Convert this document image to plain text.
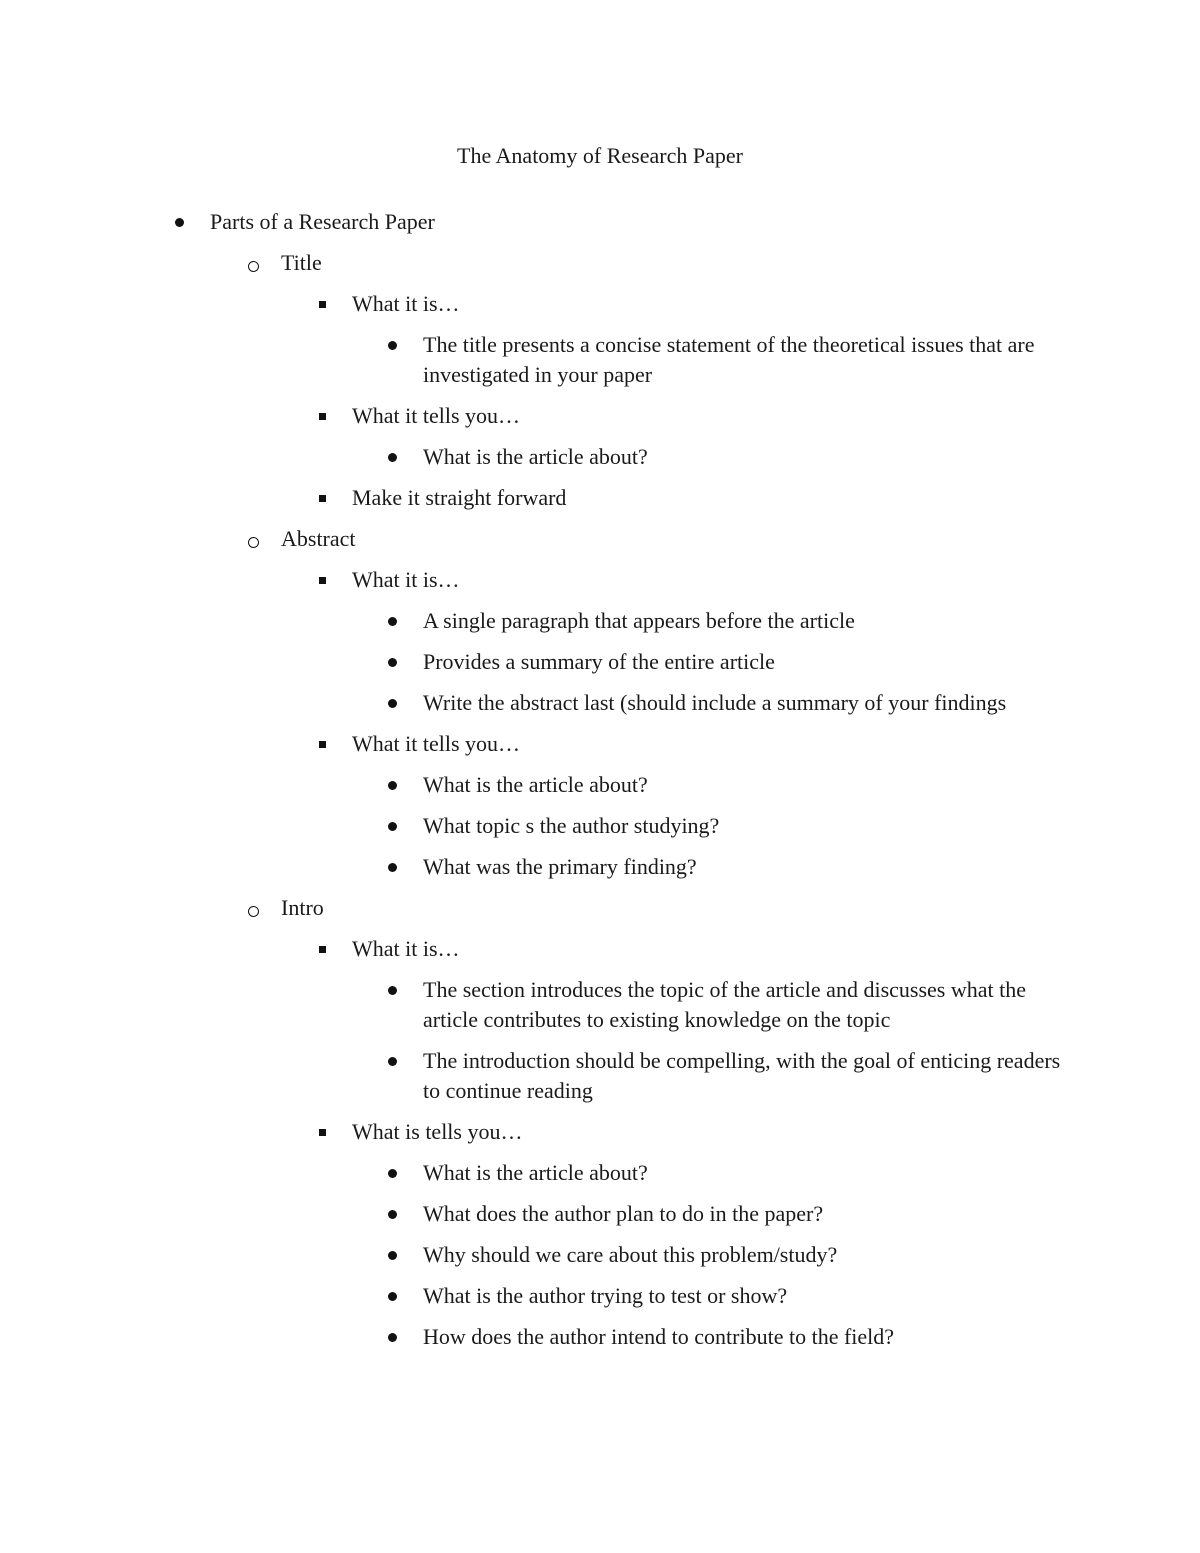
The Anatomy of Research Paper
Parts of a Research Paper
Title
What it is…
The title presents a concise statement of the theoretical issues that are investigated in your paper
What it tells you…
What is the article about?
Make it straight forward
Abstract
What it is…
A single paragraph that appears before the article
Provides a summary of the entire article
Write the abstract last (should include a summary of your findings
What it tells you…
What is the article about?
What topic s the author studying?
What was the primary finding?
Intro
What it is…
The section introduces the topic of the article and discusses what the article contributes to existing knowledge on the topic
The introduction should be compelling, with the goal of enticing readers to continue reading
What is tells you…
What is the article about?
What does the author plan to do in the paper?
Why should we care about this problem/study?
What is the author trying to test or show?
How does the author intend to contribute to the field?
